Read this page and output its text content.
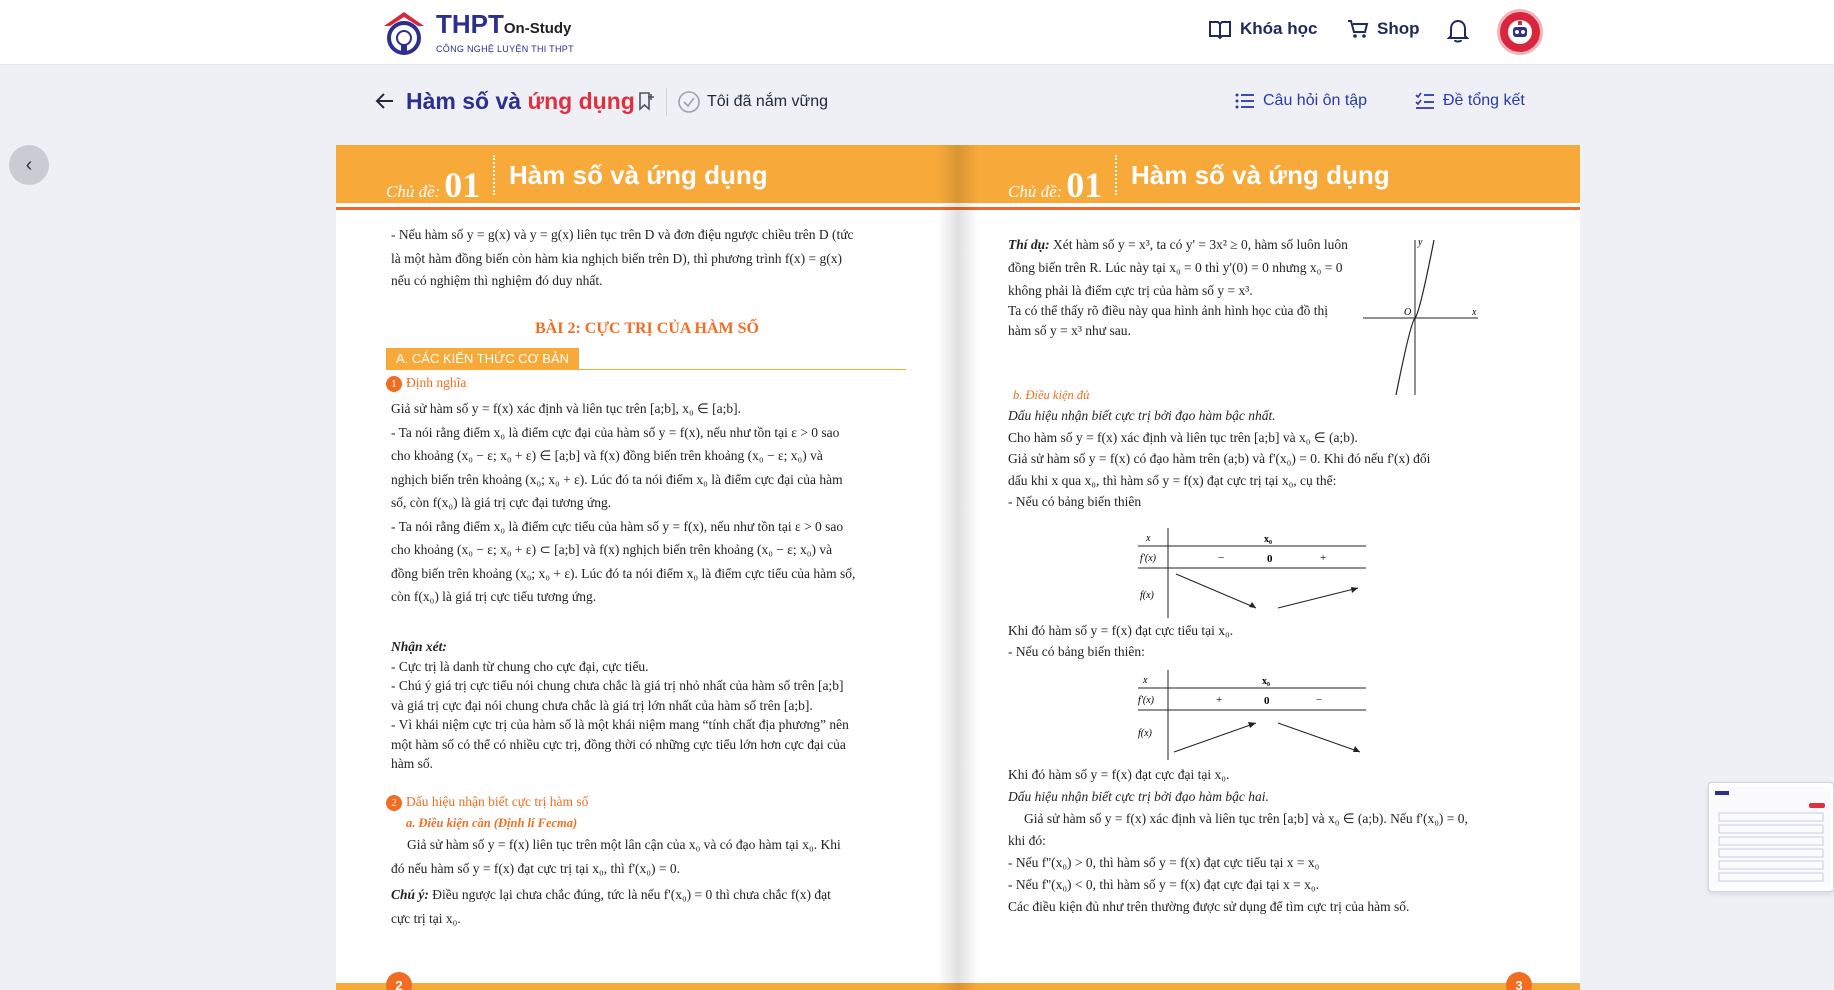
THPTOn-Study
CÔNG NGHỆ LUYỆN THI THPT
Khóa học	Shop
Hàm số và ứng dụng	Tôi đã nắm vững	Câu hỏi ôn tập	Đề tổng kết
‹
Chủ đề: 01 Hàm số và ứng dụng
- Nếu hàm số y = g(x) và y = g(x) liên tục trên D và đơn điệu ngược chiều trên D (tức
là một hàm đồng biến còn hàm kia nghịch biến trên D), thì phương trình f(x) = g(x)
nếu có nghiệm thì nghiệm đó duy nhất.
BÀI 2: CỰC TRỊ CỦA HÀM SỐ
A. CÁC KIẾN THỨC CƠ BẢN
1 Định nghĩa
Giả sử hàm số y = f(x) xác định và liên tục trên [a;b], x₀ ∈ [a;b].
- Ta nói rằng điểm x₀ là điểm cực đại của hàm số y = f(x), nếu như tồn tại ε > 0 sao
cho khoảng (x₀ − ε; x₀ + ε) ∈ [a;b] và f(x) đồng biến trên khoảng (x₀ − ε; x₀) và
nghịch biến trên khoảng (x₀; x₀ + ε). Lúc đó ta nói điểm x₀ là điểm cực đại của hàm
số, còn f(x₀) là giá trị cực đại tương ứng.
- Ta nói rằng điểm x₀ là điểm cực tiểu của hàm số y = f(x), nếu như tồn tại ε > 0 sao
cho khoảng (x₀ − ε; x₀ + ε) ⊂ [a;b] và f(x) nghịch biến trên khoảng (x₀ − ε; x₀) và
đồng biến trên khoảng (x₀; x₀ + ε). Lúc đó ta nói điểm x₀ là điểm cực tiểu của hàm số,
còn f(x₀) là giá trị cực tiểu tương ứng.
Nhận xét:
- Cực trị là danh từ chung cho cực đại, cực tiểu.
- Chú ý giá trị cực tiểu nói chung chưa chắc là giá trị nhỏ nhất của hàm số trên [a;b]
và giá trị cực đại nói chung chưa chắc là giá trị lớn nhất của hàm số trên [a;b].
- Vì khái niệm cực trị của hàm số là một khái niệm mang “tính chất địa phương” nên
một hàm số có thể có nhiều cực trị, đồng thời có những cực tiểu lớn hơn cực đại của
hàm số.
2 Dấu hiệu nhận biết cực trị hàm số
a. Điều kiện cần (Định lí Fecma)
Giả sử hàm số y = f(x) liên tục trên một lân cận của x₀ và có đạo hàm tại x₀. Khi
đó nếu hàm số y = f(x) đạt cực trị tại x₀, thì f'(x₀) = 0.
Chú ý: Điều ngược lại chưa chắc đúng, tức là nếu f'(x₀) = 0 thì chưa chắc f(x) đạt
cực trị tại x₀.
2
Chủ đề: 01 Hàm số và ứng dụng
Thí dụ: Xét hàm số y = x³, ta có y' = 3x² ≥ 0, hàm số luôn luôn
đồng biến trên R. Lúc này tại x₀ = 0 thì y'(0) = 0 nhưng x₀ = 0
không phải là điểm cực trị của hàm số y = x³.
Ta có thể thấy rõ điều này qua hình ảnh hình học của đồ thị
hàm số y = x³ như sau.
y
x
O
b. Điều kiện đủ
Dấu hiệu nhận biết cực trị bởi đạo hàm bậc nhất.
Cho hàm số y = f(x) xác định và liên tục trên [a;b] và x₀ ∈ (a;b).
Giả sử hàm số y = f(x) có đạo hàm trên (a;b) và f'(x₀) = 0. Khi đó nếu f'(x) đổi
dấu khi x qua x₀, thì hàm số y = f(x) đạt cực trị tại x₀, cụ thể:
- Nếu có bảng biến thiên
x	x₀
f'(x)	−	0	+
f(x)
Khi đó hàm số y = f(x) đạt cực tiểu tại x₀.
- Nếu có bảng biến thiên:
x	x₀
f'(x)	+	0	−
f(x)
Khi đó hàm số y = f(x) đạt cực đại tại x₀.
Dấu hiệu nhận biết cực trị bởi đạo hàm bậc hai.
Giả sử hàm số y = f(x) xác định và liên tục trên [a;b] và x₀ ∈ (a;b). Nếu f'(x₀) = 0,
khi đó:
- Nếu f''(x₀) > 0, thì hàm số y = f(x) đạt cực tiểu tại x = x₀
- Nếu f''(x₀) < 0, thì hàm số y = f(x) đạt cực đại tại x = x₀.
Các điều kiện đủ như trên thường được sử dụng để tìm cực trị của hàm số.
3
